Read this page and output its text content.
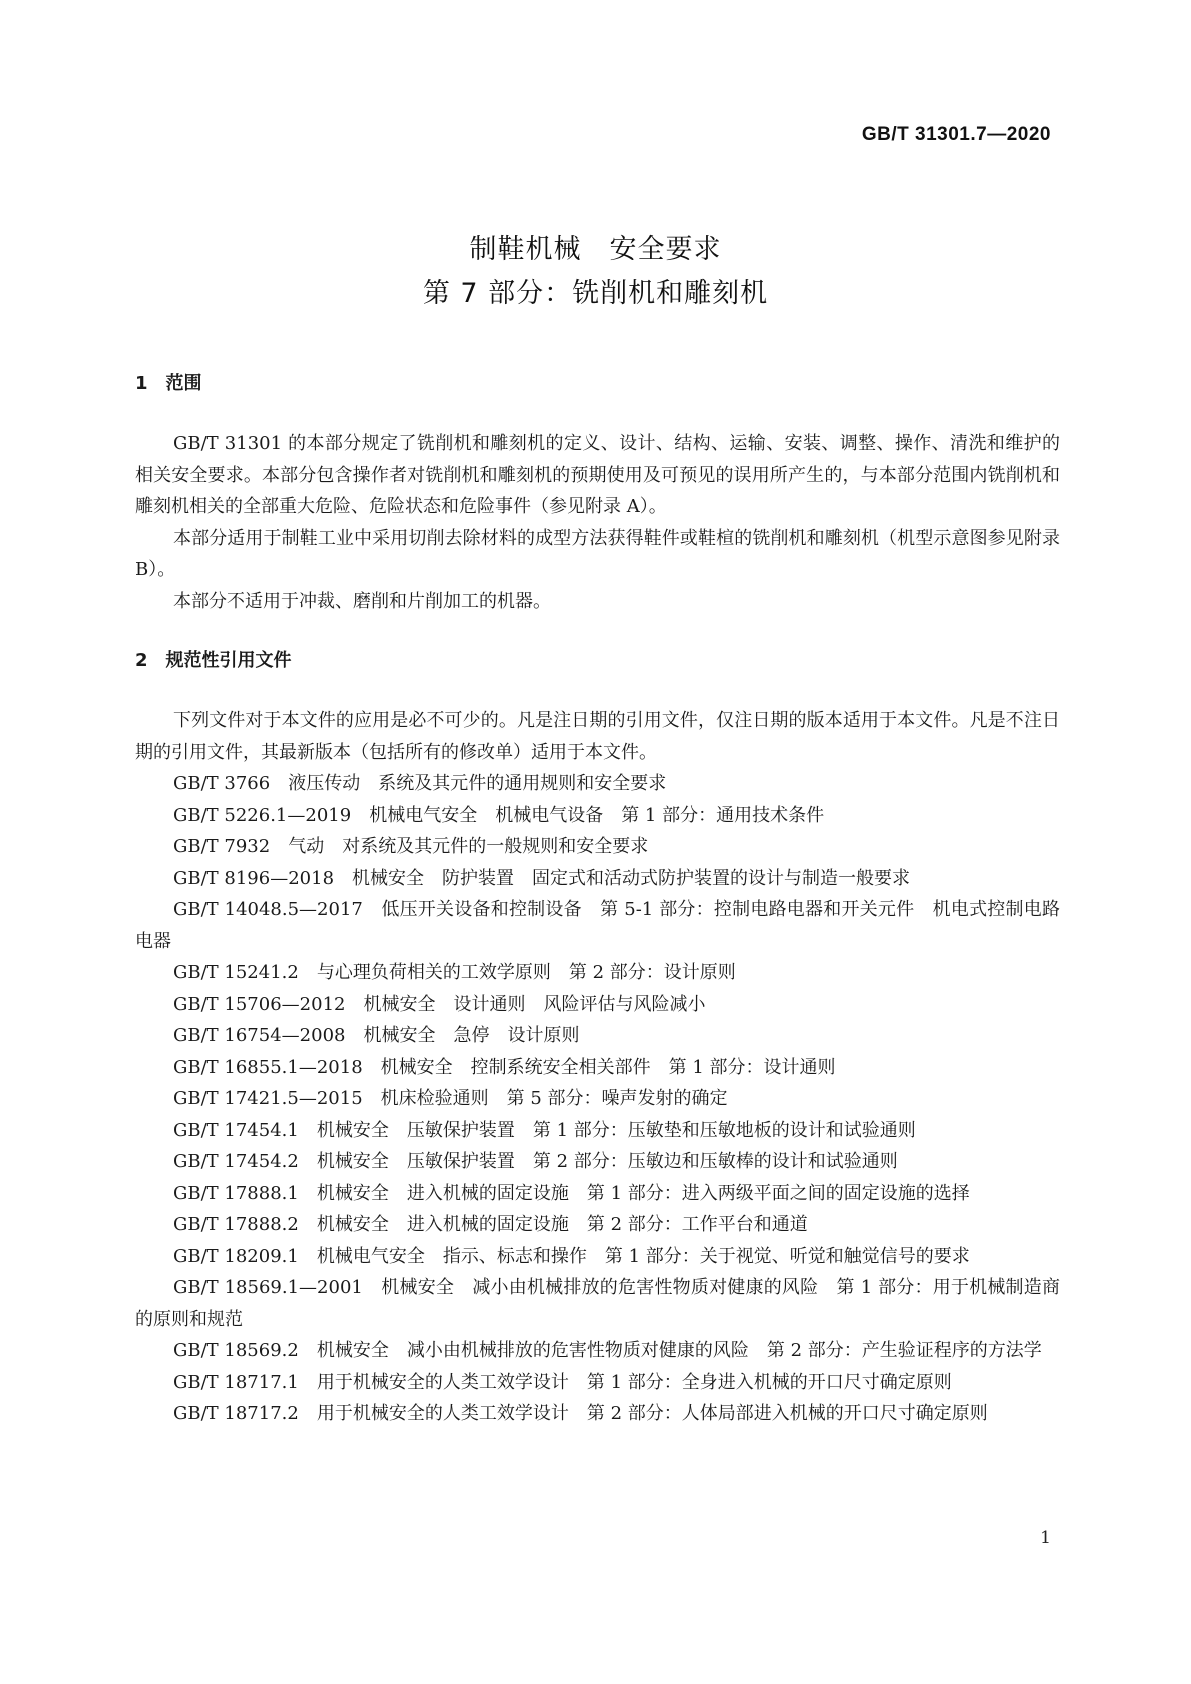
GB/T 31301.7—2020
制鞋机械　安全要求
第 7 部分：铣削机和雕刻机
1　范围

GB/T 31301 的本部分规定了铣削机和雕刻机的定义、设计、结构、运输、安装、调整、操作、清洗和维护的相关安全要求。本部分包含操作者对铣削机和雕刻机的预期使用及可预见的误用所产生的，与本部分范围内铣削机和雕刻机相关的全部重大危险、危险状态和危险事件（参见附录 A）。

本部分适用于制鞋工业中采用切削去除材料的成型方法获得鞋件或鞋楦的铣削机和雕刻机（机型示意图参见附录 B）。

本部分不适用于冲裁、磨削和片削加工的机器。

2　规范性引用文件

下列文件对于本文件的应用是必不可少的。凡是注日期的引用文件，仅注日期的版本适用于本文件。凡是不注日期的引用文件，其最新版本（包括所有的修改单）适用于本文件。

GB/T 3766　 液压传动　系统及其元件的通用规则和安全要求
GB/T 5226.1—2019　 机械电气安全　机械电气设备　第 1 部分：通用技术条件
GB/T 7932　 气动　对系统及其元件的一般规则和安全要求
GB/T 8196—2018　 机械安全　防护装置　固定式和活动式防护装置的设计与制造一般要求
GB/T 14048.5—2017　 低压开关设备和控制设备　第 5-1 部分：控制电路电器和开关元件　机电式控制电路电器
GB/T 15241.2　 与心理负荷相关的工效学原则　第 2 部分：设计原则
GB/T 15706—2012　 机械安全　设计通则　风险评估与风险减小
GB/T 16754—2008　 机械安全　急停　设计原则
GB/T 16855.1—2018　 机械安全　控制系统安全相关部件　第 1 部分：设计通则
GB/T 17421.5—2015　 机床检验通则　第 5 部分：噪声发射的确定
GB/T 17454.1　 机械安全　压敏保护装置　第 1 部分：压敏垫和压敏地板的设计和试验通则
GB/T 17454.2　 机械安全　压敏保护装置　第 2 部分：压敏边和压敏棒的设计和试验通则
GB/T 17888.1　 机械安全　进入机械的固定设施　第 1 部分：进入两级平面之间的固定设施的选择
GB/T 17888.2　 机械安全　进入机械的固定设施　第 2 部分：工作平台和通道
GB/T 18209.1　 机械电气安全　指示、标志和操作　第 1 部分：关于视觉、听觉和触觉信号的要求
GB/T 18569.1—2001　 机械安全　减小由机械排放的危害性物质对健康的风险　第 1 部分：用于机械制造商的原则和规范
GB/T 18569.2　 机械安全　减小由机械排放的危害性物质对健康的风险　第 2 部分：产生验证程序的方法学
GB/T 18717.1　 用于机械安全的人类工效学设计　第 1 部分：全身进入机械的开口尺寸确定原则
GB/T 18717.2　 用于机械安全的人类工效学设计　第 2 部分：人体局部进入机械的开口尺寸确定原则
1
